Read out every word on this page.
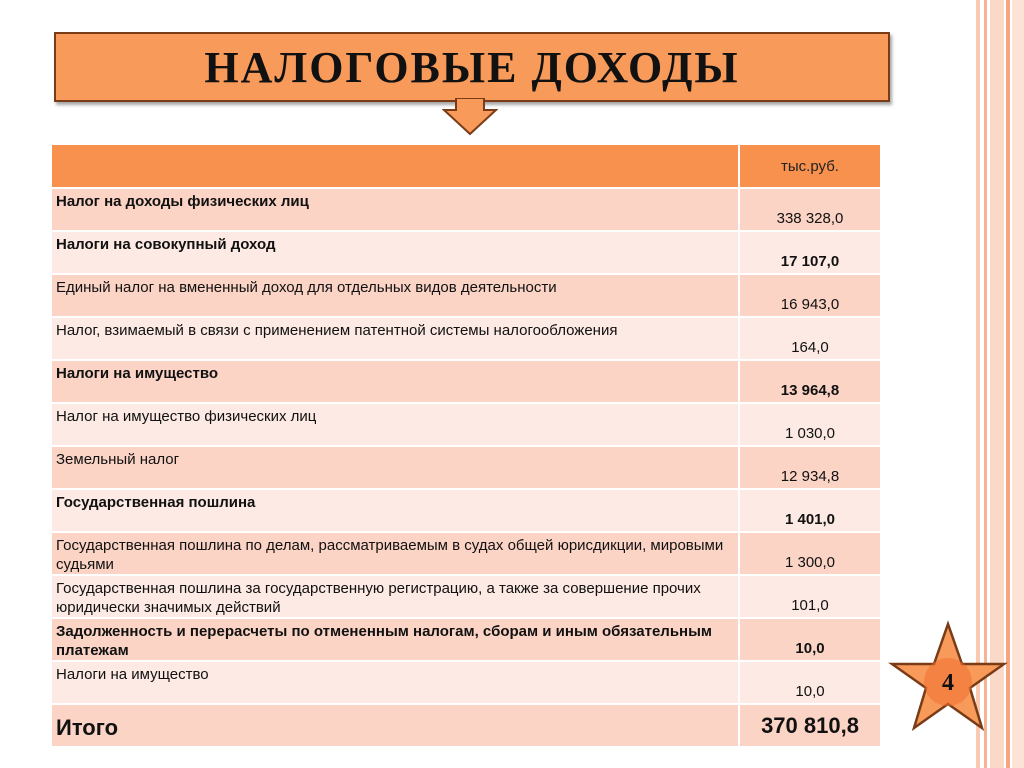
НАЛОГОВЫЕ ДОХОДЫ
	тыс.руб.
Налог на доходы физических лиц	338 328,0
Налоги на совокупный доход	17 107,0
Единый налог на вмененный доход для отдельных видов деятельности	16 943,0
Налог, взимаемый в связи с применением патентной системы налогообложения	164,0
Налоги на имущество	13 964,8
Налог на имущество физических лиц	1 030,0
Земельный налог	12 934,8
Государственная пошлина	1 401,0
Государственная пошлина по делам, рассматриваемым в судах общей юрисдикции, мировыми судьями	1 300,0
Государственная пошлина за государственную регистрацию, а также за совершение прочих юридически значимых действий	101,0
Задолженность и перерасчеты по отмененным налогам, сборам и иным обязательным платежам	10,0
Налоги на имущество	10,0
Итого	370 810,8
4
